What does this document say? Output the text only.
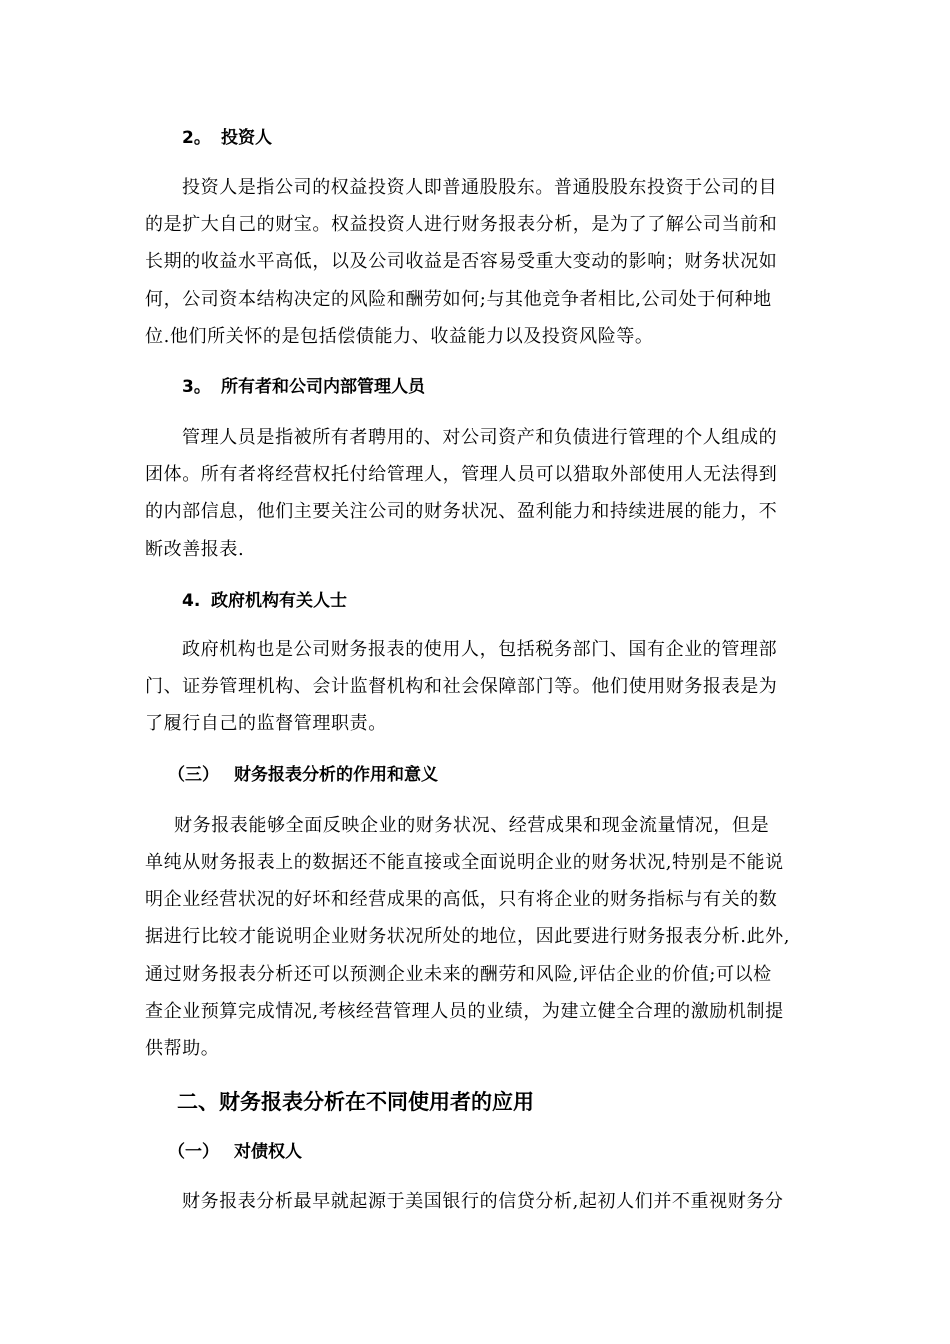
2。 投资人
投资人是指公司的权益投资人即普通股股东。普通股股东投资于公司的目
的是扩大自己的财宝。权益投资人进行财务报表分析，是为了了解公司当前和
长期的收益水平高低，以及公司收益是否容易受重大变动的影响；财务状况如
何，公司资本结构决定的风险和酬劳如何;与其他竞争者相比,公司处于何种地
位.他们所关怀的是包括偿债能力、收益能力以及投资风险等。
3。 所有者和公司内部管理人员
管理人员是指被所有者聘用的、对公司资产和负债进行管理的个人组成的
团体。所有者将经营权托付给管理人，管理人员可以猎取外部使用人无法得到
的内部信息，他们主要关注公司的财务状况、盈利能力和持续进展的能力，不
断改善报表.
4. 政府机构有关人士
政府机构也是公司财务报表的使用人，包括税务部门、国有企业的管理部
门、证券管理机构、会计监督机构和社会保障部门等。他们使用财务报表是为
了履行自己的监督管理职责。
（三） 财务报表分析的作用和意义
财务报表能够全面反映企业的财务状况、经营成果和现金流量情况，但是
单纯从财务报表上的数据还不能直接或全面说明企业的财务状况,特别是不能说
明企业经营状况的好坏和经营成果的高低，只有将企业的财务指标与有关的数
据进行比较才能说明企业财务状况所处的地位，因此要进行财务报表分析.此外,
通过财务报表分析还可以预测企业未来的酬劳和风险,评估企业的价值;可以检
查企业预算完成情况,考核经营管理人员的业绩，为建立健全合理的激励机制提
供帮助。
二、财务报表分析在不同使用者的应用
（一） 对债权人
财务报表分析最早就起源于美国银行的信贷分析,起初人们并不重视财务分
